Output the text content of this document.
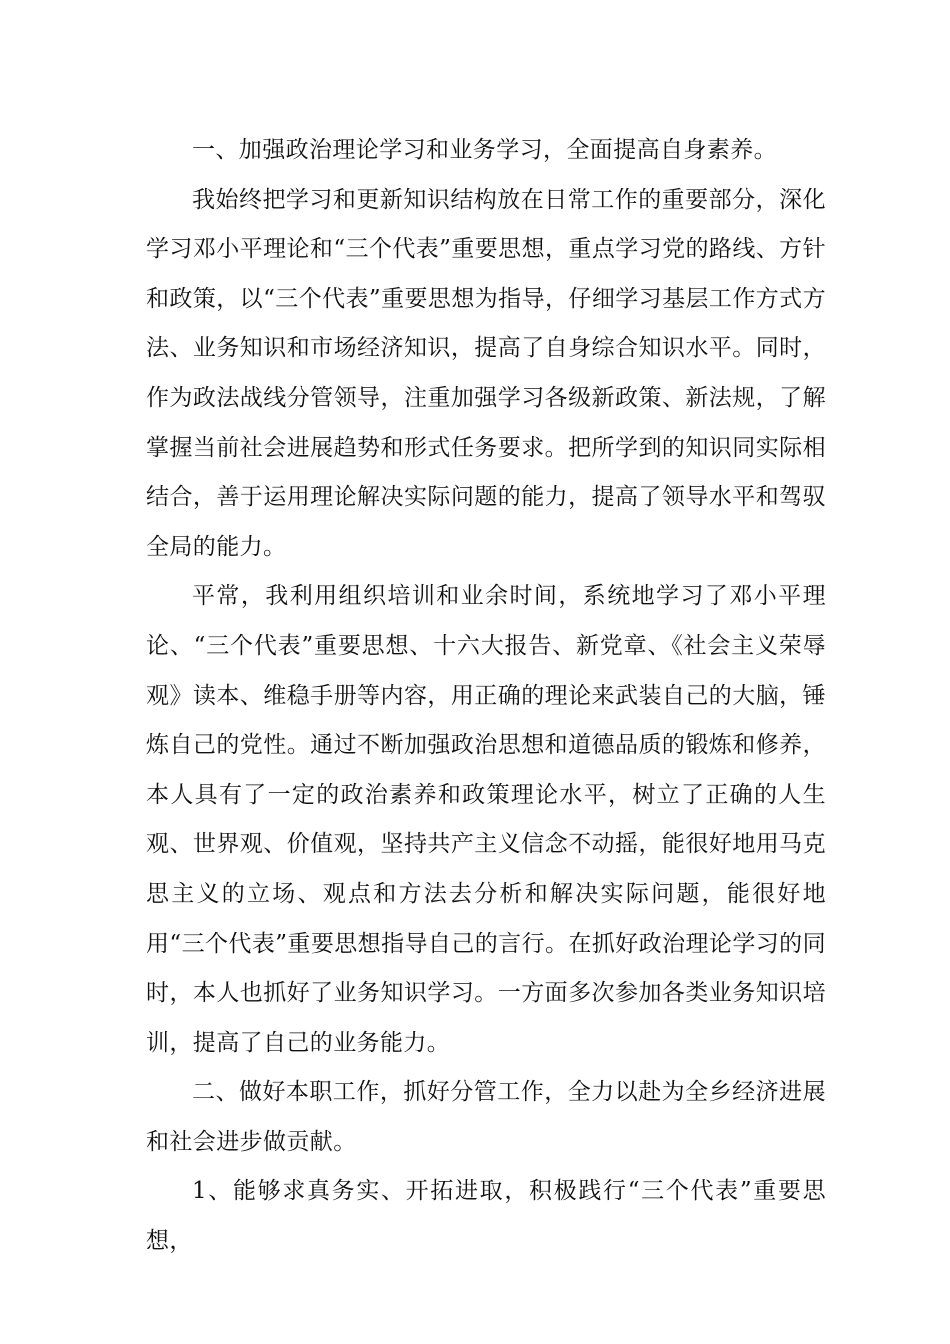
一、加强政治理论学习和业务学习，全面提高自身素养。

我始终把学习和更新知识结构放在日常工作的重要部分，深化学习邓小平理论和“三个代表”重要思想，重点学习党的路线、方针和政策，以“三个代表”重要思想为指导，仔细学习基层工作方式方法、业务知识和市场经济知识，提高了自身综合知识水平。同时，作为政法战线分管领导，注重加强学习各级新政策、新法规，了解掌握当前社会进展趋势和形式任务要求。把所学到的知识同实际相结合，善于运用理论解决实际问题的能力，提高了领导水平和驾驭全局的能力。

平常，我利用组织培训和业余时间，系统地学习了邓小平理论、“三个代表”重要思想、十六大报告、新党章、《社会主义荣辱观》读本、维稳手册等内容，用正确的理论来武装自己的大脑，锤炼自己的党性。通过不断加强政治思想和道德品质的锻炼和修养，本人具有了一定的政治素养和政策理论水平，树立了正确的人生观、世界观、价值观，坚持共产主义信念不动摇，能很好地用马克思主义的立场、观点和方法去分析和解决实际问题，能很好地用“三个代表”重要思想指导自己的言行。在抓好政治理论学习的同时，本人也抓好了业务知识学习。一方面多次参加各类业务知识培训，提高了自己的业务能力。

二、做好本职工作，抓好分管工作，全力以赴为全乡经济进展和社会进步做贡献。

1、能够求真务实、开拓进取，积极践行“三个代表”重要思想，
